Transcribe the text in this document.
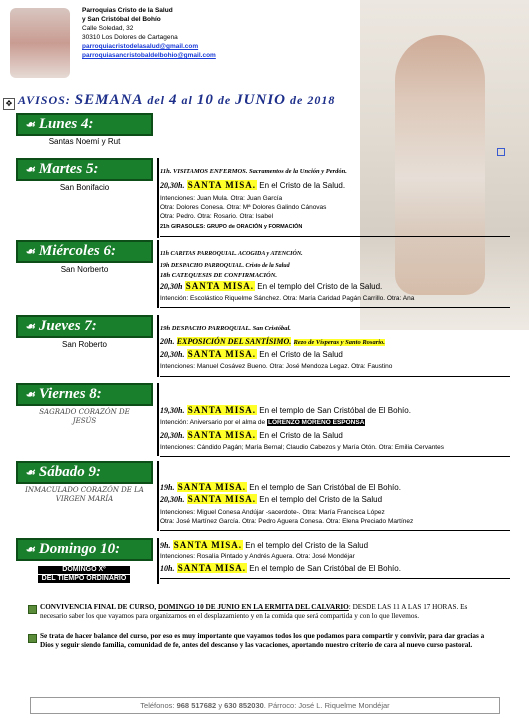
Parroquias Cristo de la Salud
y San Cristóbal del Bohío
Calle Soledad, 32
30310 Los Dolores de Cartagena
parroquiacristodelasalud@gmail.com
parroquiasancristobaldelbohio@gmail.com
✥ AVISOS: SEMANA del 4 al 10 de JUNIO de 2018
☙ Lunes 4:
Santas Noemí y Rut
☙ Martes 5:
San Bonifacio
11h. VISITAMOS ENFERMOS. Sacramentos de la Unción y Perdón.
20,30h. SANTA MISA. En el Cristo de la Salud.
Intenciones: Juan Mula. Otra: Juan García
Otra: Dolores Conesa. Otra: Mª Dolores Galindo Cánovas
Otra: Pedro. Otra: Rosario. Otra: Isabel
21h GIRASOLES: GRUPO de ORACIÓN y FORMACIÓN
☙ Miércoles 6:
San Norberto
11h CARITAS PARROQUIAL. ACOGIDA y ATENCIÓN.
19h DESPACHO PARROQUIAL. Cristo de la Salud
18h CATEQUESIS DE CONFIRMACIÓN.
20,30h SANTA MISA. En el templo del Cristo de la Salud.
Intención: Escolástico Riquelme Sánchez. Otra: María Caridad Pagán Carrillo. Otra: Ana
☙ Jueves 7:
San Roberto
19h DESPACHO PARROQUIAL. San Cristóbal.
20h. EXPOSICIÓN DEL SANTÍSIMO. Rezo de Vísperas y Santo Rosario.
20,30h. SANTA MISA. En el Cristo de la Salud
Intenciones: Manuel Cosávez Bueno. Otra: José Mendoza Legaz. Otra: Faustino
☙ Viernes 8:
SAGRADO CORAZÓN DE JESÚS
19,30h. SANTA MISA. En el templo de San Cristóbal de El Bohío.
Intención: Aniversario por el alma de LORENZO MORENO ESPONSA
20,30h. SANTA MISA. En el Cristo de la Salud
Intenciones: Cándido Pagán; María Bernal; Claudio Cabezos y María Otón. Otra: Emilia Cervantes
☙ Sábado 9:
INMACULADO CORAZÓN DE LA VIRGEN MARÍA
19h. SANTA MISA. En el templo de San Cristóbal de El Bohío.
20,30h. SANTA MISA. En el templo del Cristo de la Salud
Intenciones: Miguel Conesa Andújar -sacerdote-. Otra: María Francisca López
Otra: José Martínez García. Otra: Pedro Aguera Conesa. Otra: Elena Preciado Martínez
☙ Domingo 10:
DOMINGO Xº
DEL TIEMPO ORDINARIO
9h. SANTA MISA. En el templo del Cristo de la Salud
Intenciones: Rosalía Pintado y Andrés Aguera. Otra: José Mondéjar
10h. SANTA MISA. En el templo de San Cristóbal de El Bohío.
CONVIVENCIA FINAL DE CURSO, DOMINGO 10 DE JUNIO EN LA ERMITA DEL CALVARIO: DESDE LAS 11 A LAS 17 HORAS. Es necesario saber los que vayamos para organizarnos en el desplazamiento y en la comida que será compartida y con lo que llevemos.
Se trata de hacer balance del curso, por eso es muy importante que vayamos todos los que podamos para compartir y convivir, para dar gracias a Dios y seguir siendo familia, comunidad de fe, antes del descanso y las vacaciones, aportando nuestro criterio de cara al nuevo curso pastoral.
Teléfonos: 968 517682 y 630 852030. Párroco: José L. Riquelme Mondéjar
